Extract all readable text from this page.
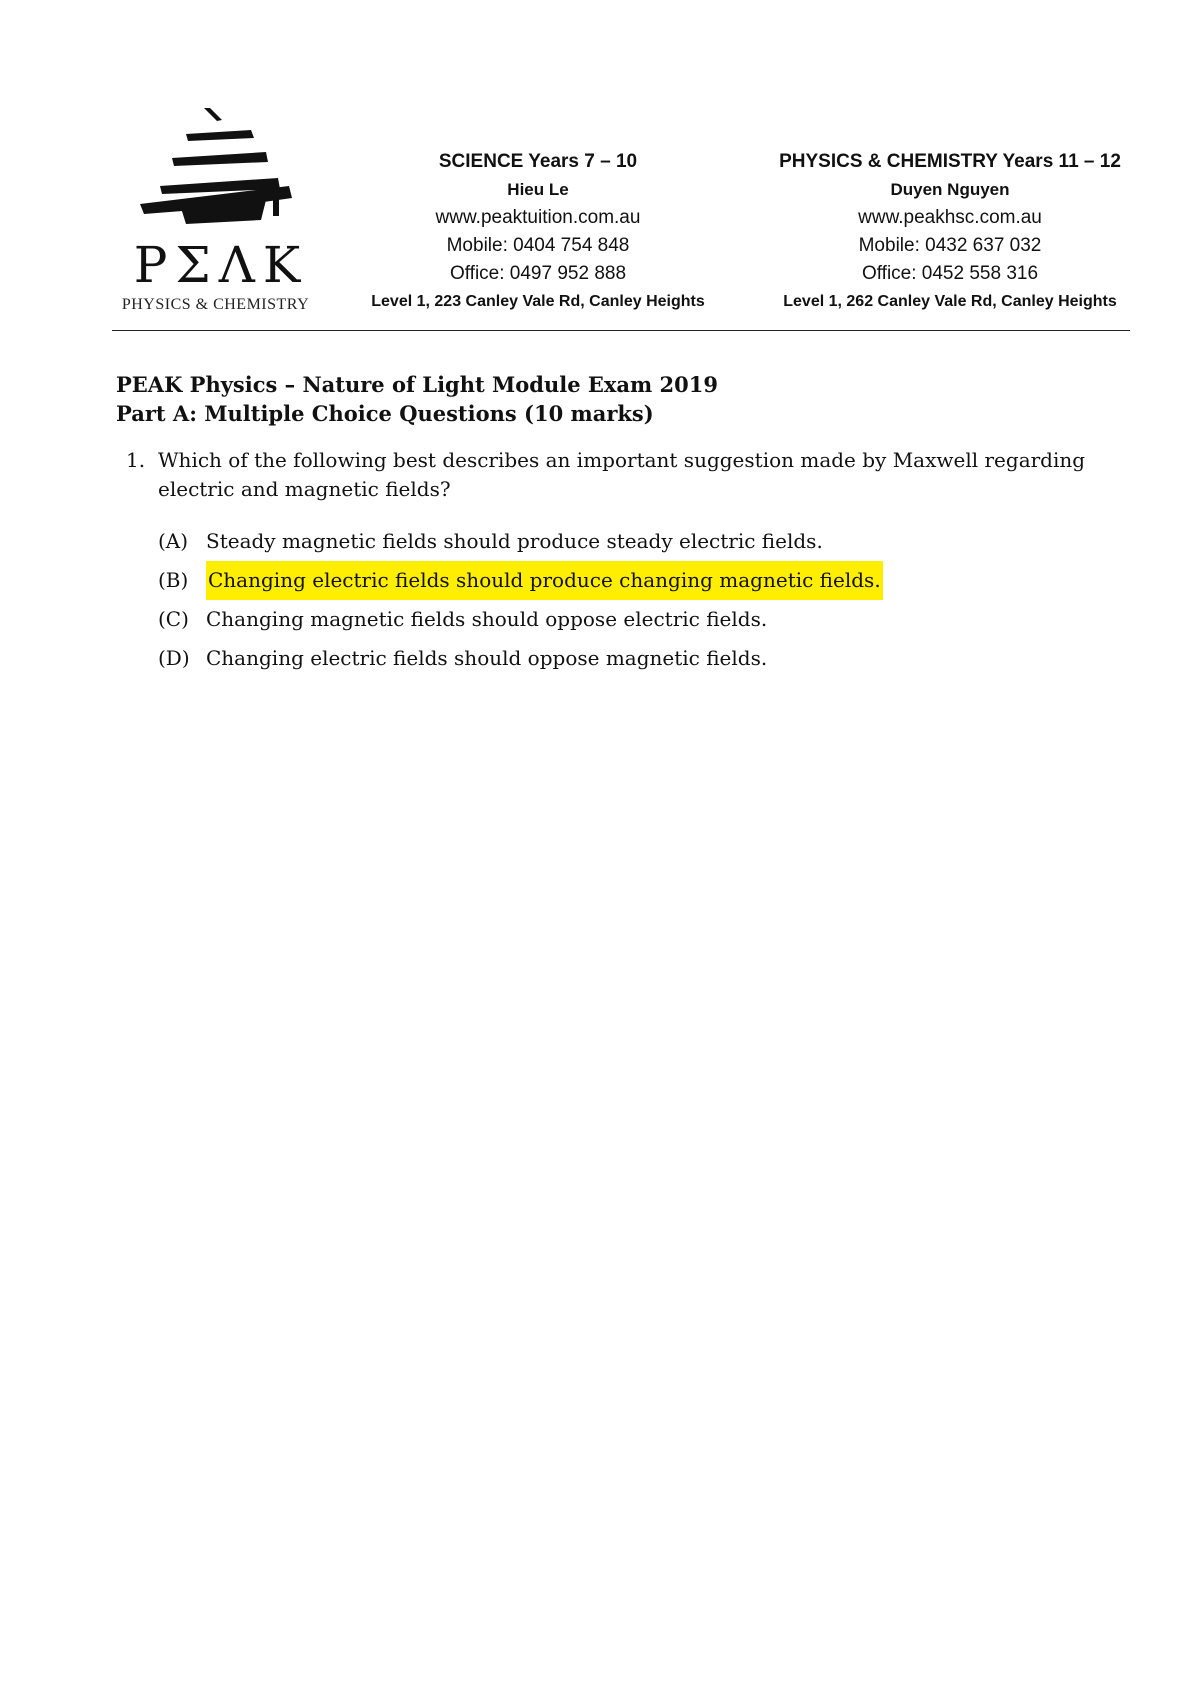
PΣΛK
PHYSICS & CHEMISTRY
SCIENCE Years 7 – 10
Hieu Le
www.peaktuition.com.au
Mobile: 0404 754 848
Office: 0497 952 888
Level 1, 223 Canley Vale Rd, Canley Heights
PHYSICS & CHEMISTRY Years 11 – 12
Duyen Nguyen
www.peakhsc.com.au
Mobile: 0432 637 032
Office: 0452 558 316
Level 1, 262 Canley Vale Rd, Canley Heights
PEAK Physics – Nature of Light Module Exam 2019
Part A: Multiple Choice Questions (10 marks)
1. Which of the following best describes an important suggestion made by Maxwell regarding electric and magnetic fields?
(A) Steady magnetic fields should produce steady electric fields.
(B) Changing electric fields should produce changing magnetic fields.
(C) Changing magnetic fields should oppose electric fields.
(D) Changing electric fields should oppose magnetic fields.
